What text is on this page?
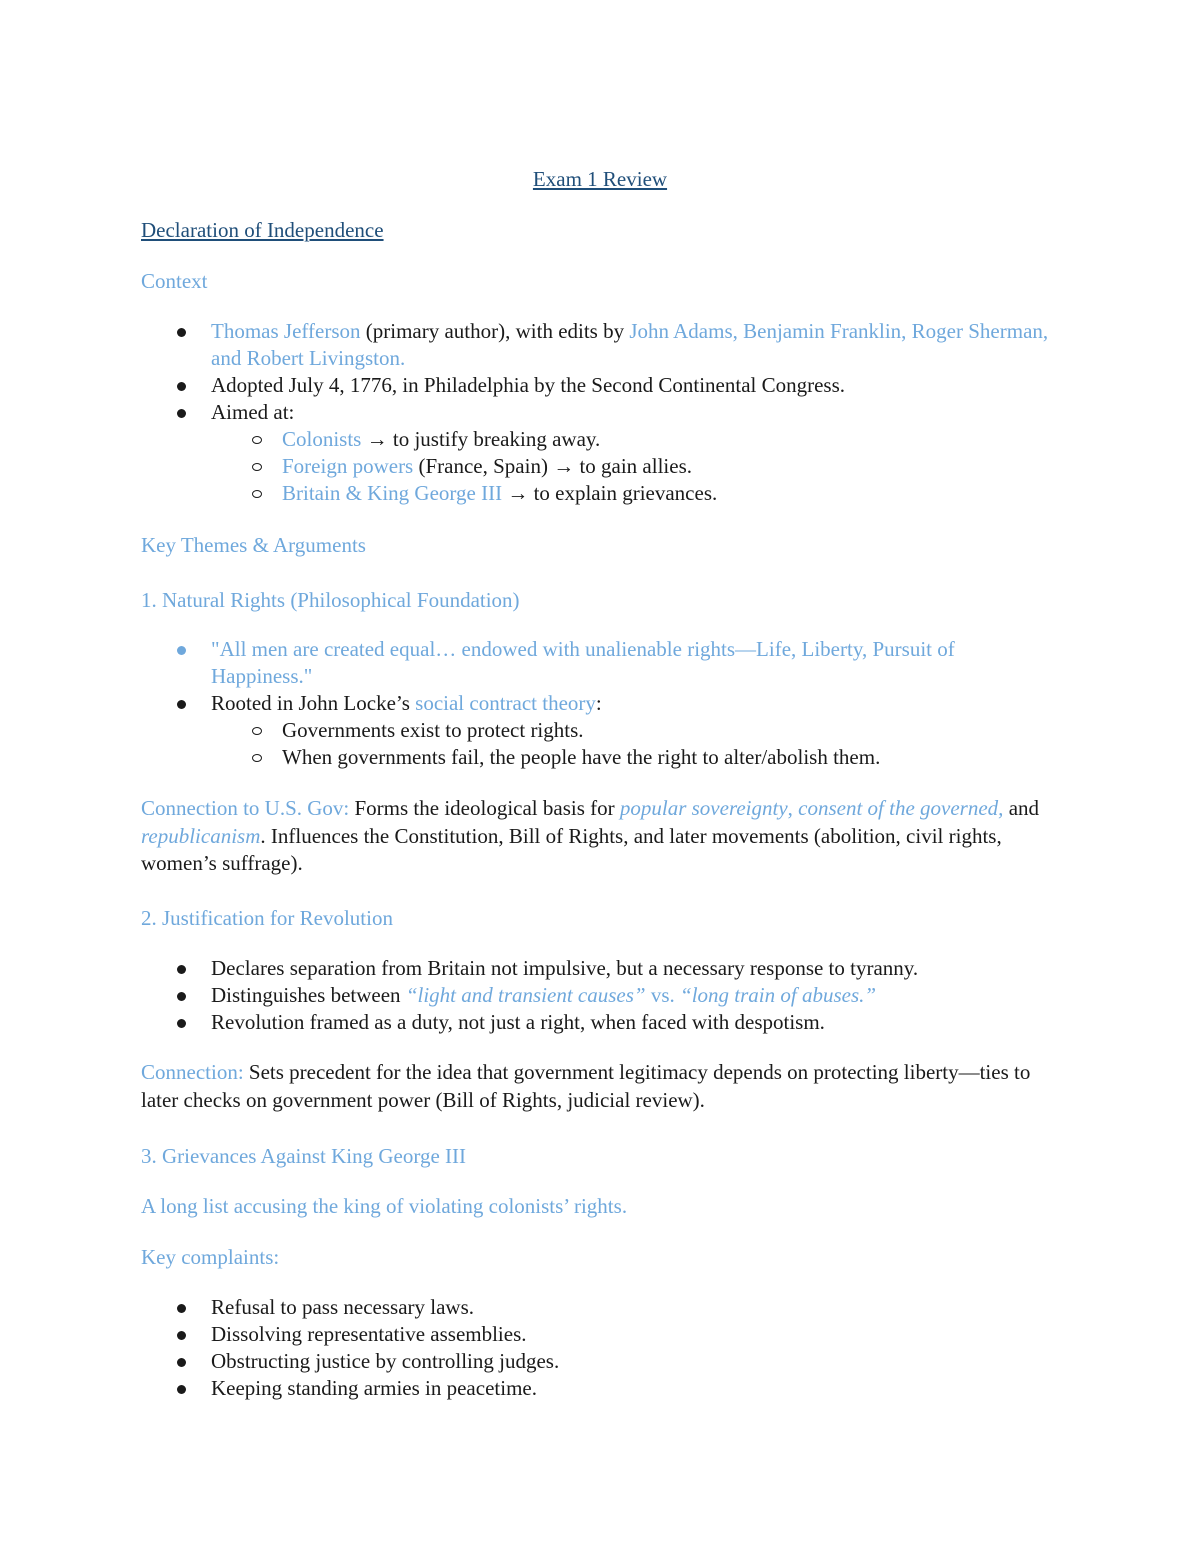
Exam 1 Review
Declaration of Independence
Context
Thomas Jefferson (primary author), with edits by John Adams, Benjamin Franklin, Roger Sherman, and Robert Livingston.
Adopted July 4, 1776, in Philadelphia by the Second Continental Congress.
Aimed at:
Colonists → to justify breaking away.
Foreign powers (France, Spain) → to gain allies.
Britain & King George III → to explain grievances.
Key Themes & Arguments
1. Natural Rights (Philosophical Foundation)
"All men are created equal… endowed with unalienable rights—Life, Liberty, Pursuit of Happiness."
Rooted in John Locke’s social contract theory:
Governments exist to protect rights.
When governments fail, the people have the right to alter/abolish them.
Connection to U.S. Gov: Forms the ideological basis for popular sovereignty, consent of the governed, and republicanism. Influences the Constitution, Bill of Rights, and later movements (abolition, civil rights, women’s suffrage).
2. Justification for Revolution
Declares separation from Britain not impulsive, but a necessary response to tyranny.
Distinguishes between “light and transient causes” vs. “long train of abuses.”
Revolution framed as a duty, not just a right, when faced with despotism.
Connection: Sets precedent for the idea that government legitimacy depends on protecting liberty—ties to later checks on government power (Bill of Rights, judicial review).
3. Grievances Against King George III
A long list accusing the king of violating colonists’ rights.
Key complaints:
Refusal to pass necessary laws.
Dissolving representative assemblies.
Obstructing justice by controlling judges.
Keeping standing armies in peacetime.
